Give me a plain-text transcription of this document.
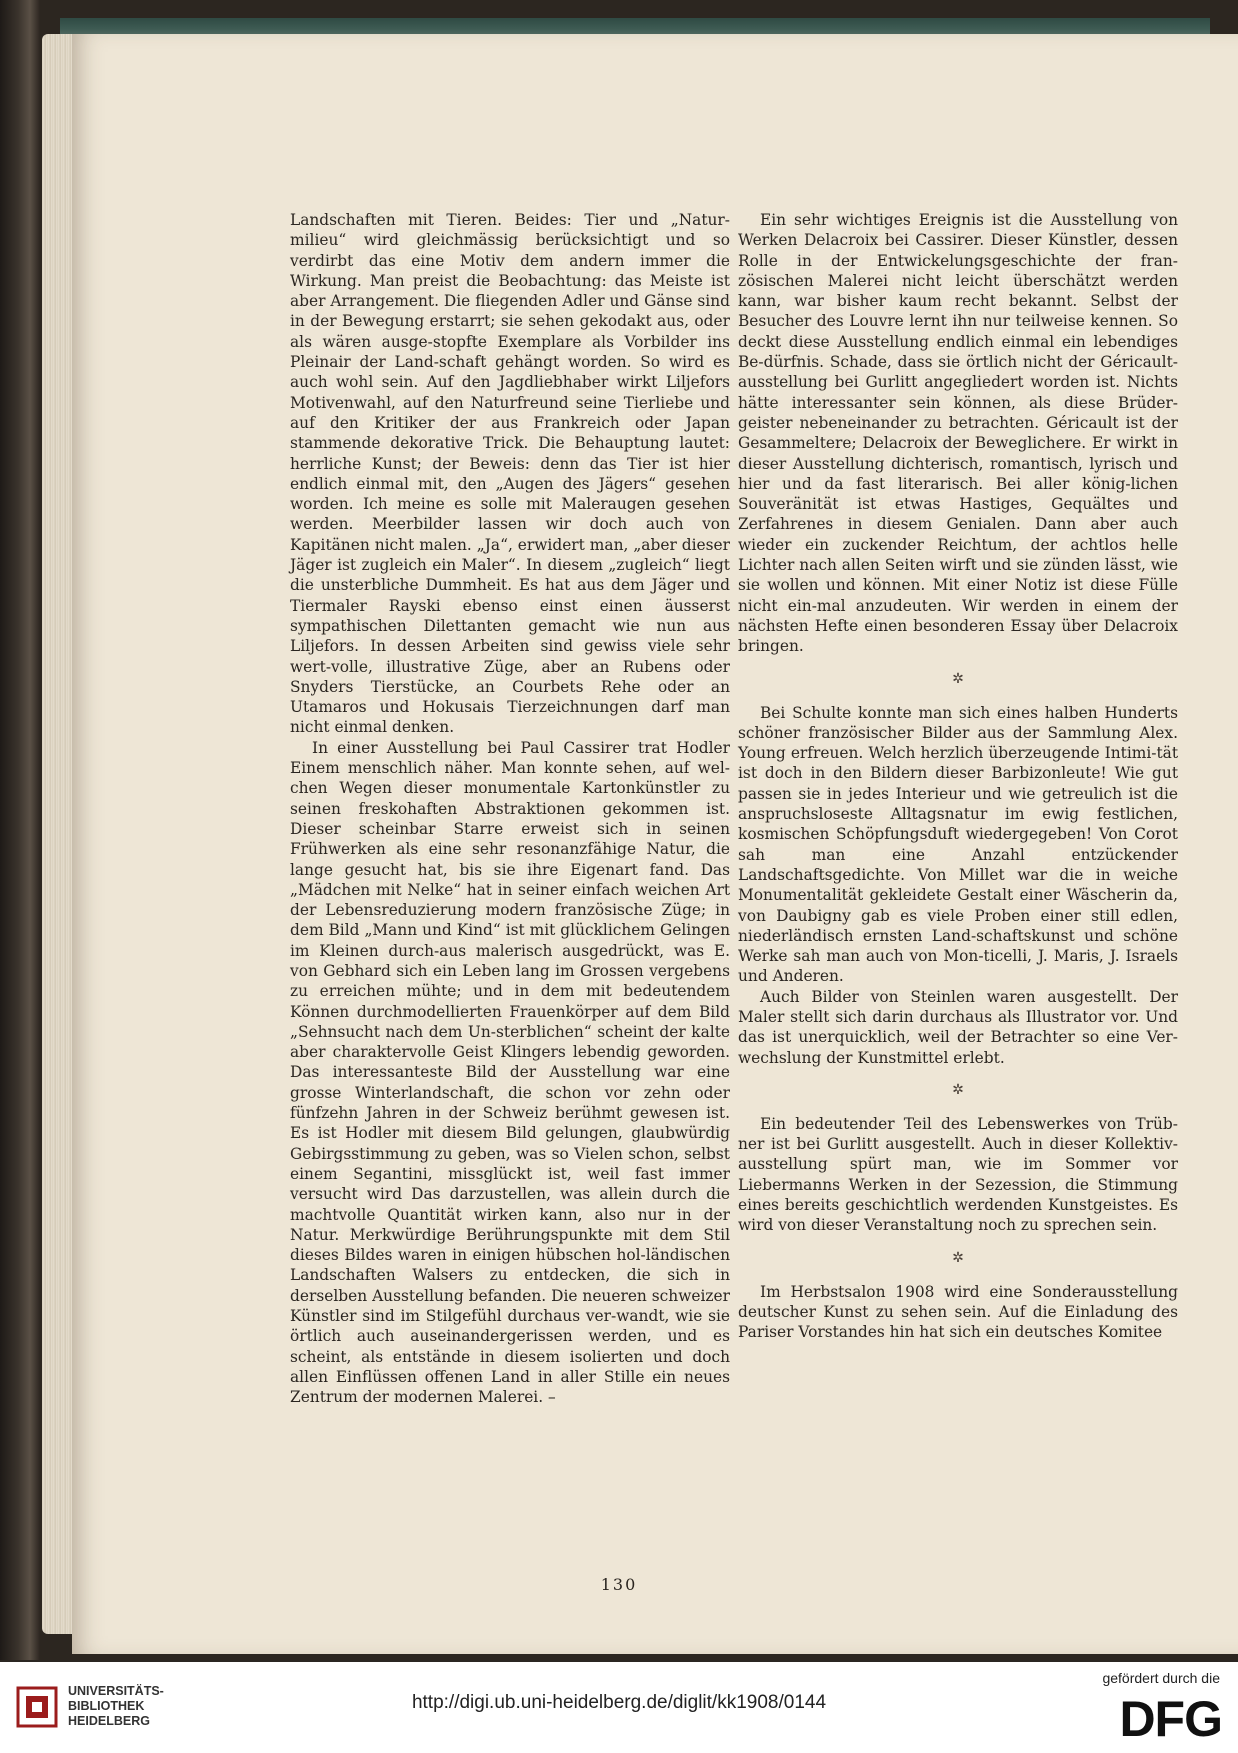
Landschaften mit Tieren. Beides: Tier und „Natur-milieu“ wird gleichmässig berücksichtigt und so verdirbt das eine Motiv dem andern immer die Wirkung. Man preist die Beobachtung: das Meiste ist aber Arrangement. Die fliegenden Adler und Gänse sind in der Bewegung erstarrt; sie sehen gekodakt aus, oder als wären ausge-stopfte Exemplare als Vorbilder ins Pleinair der Land-schaft gehängt worden. So wird es auch wohl sein. Auf den Jagdliebhaber wirkt Liljefors Motivenwahl, auf den Naturfreund seine Tierliebe und auf den Kritiker der aus Frankreich oder Japan stammende dekorative Trick. Die Behauptung lautet: herrliche Kunst; der Beweis: denn das Tier ist hier endlich einmal mit, den „Augen des Jägers“ gesehen worden. Ich meine es solle mit Maleraugen gesehen werden. Meerbilder lassen wir doch auch von Kapitänen nicht malen. „Ja“, erwidert man, „aber dieser Jäger ist zugleich ein Maler“. In diesem „zugleich“ liegt die unsterbliche Dummheit. Es hat aus dem Jäger und Tiermaler Rayski ebenso einst einen äusserst sympathischen Dilettanten gemacht wie nun aus Liljefors. In dessen Arbeiten sind gewiss viele sehr wert-volle, illustrative Züge, aber an Rubens oder Snyders Tierstücke, an Courbets Rehe oder an Utamaros und Hokusais Tierzeichnungen darf man nicht einmal denken.

In einer Ausstellung bei Paul Cassirer trat Hodler Einem menschlich näher. Man konnte sehen, auf wel-chen Wegen dieser monumentale Kartonkünstler zu seinen freskohaften Abstraktionen gekommen ist. Dieser scheinbar Starre erweist sich in seinen Frühwerken als eine sehr resonanzfähige Natur, die lange gesucht hat, bis sie ihre Eigenart fand. Das „Mädchen mit Nelke“ hat in seiner einfach weichen Art der Lebensreduzierung modern französische Züge; in dem Bild „Mann und Kind“ ist mit glücklichem Gelingen im Kleinen durch-aus malerisch ausgedrückt, was E. von Gebhard sich ein Leben lang im Grossen vergebens zu erreichen mühte; und in dem mit bedeutendem Können durchmodellierten Frauenkörper auf dem Bild „Sehnsucht nach dem Un-sterblichen“ scheint der kalte aber charaktervolle Geist Klingers lebendig geworden. Das interessanteste Bild der Ausstellung war eine grosse Winterlandschaft, die schon vor zehn oder fünfzehn Jahren in der Schweiz berühmt gewesen ist. Es ist Hodler mit diesem Bild gelungen, glaubwürdig Gebirgsstimmung zu geben, was so Vielen schon, selbst einem Segantini, missglückt ist, weil fast immer versucht wird Das darzustellen, was allein durch die machtvolle Quantität wirken kann, also nur in der Natur. Merkwürdige Berührungspunkte mit dem Stil dieses Bildes waren in einigen hübschen hol-ländischen Landschaften Walsers zu entdecken, die sich in derselben Ausstellung befanden. Die neueren schweizer Künstler sind im Stilgefühl durchaus ver-wandt, wie sie örtlich auch auseinandergerissen werden, und es scheint, als entstände in diesem isolierten und doch allen Einflüssen offenen Land in aller Stille ein neues Zentrum der modernen Malerei. –

Ein sehr wichtiges Ereignis ist die Ausstellung von Werken Delacroix bei Cassirer. Dieser Künstler, dessen Rolle in der Entwickelungsgeschichte der fran-zösischen Malerei nicht leicht überschätzt werden kann, war bisher kaum recht bekannt. Selbst der Besucher des Louvre lernt ihn nur teilweise kennen. So deckt diese Ausstellung endlich einmal ein lebendiges Be-dürfnis. Schade, dass sie örtlich nicht der Géricault-ausstellung bei Gurlitt angegliedert worden ist. Nichts hätte interessanter sein können, als diese Brüder-geister nebeneinander zu betrachten. Géricault ist der Gesammeltere; Delacroix der Beweglichere. Er wirkt in dieser Ausstellung dichterisch, romantisch, lyrisch und hier und da fast literarisch. Bei aller könig-lichen Souveränität ist etwas Hastiges, Gequältes und Zerfahrenes in diesem Genialen. Dann aber auch wieder ein zuckender Reichtum, der achtlos helle Lichter nach allen Seiten wirft und sie zünden lässt, wie sie wollen und können. Mit einer Notiz ist diese Fülle nicht ein-mal anzudeuten. Wir werden in einem der nächsten Hefte einen besonderen Essay über Delacroix bringen.

✲

Bei Schulte konnte man sich eines halben Hunderts schöner französischer Bilder aus der Sammlung Alex. Young erfreuen. Welch herzlich überzeugende Intimi-tät ist doch in den Bildern dieser Barbizonleute! Wie gut passen sie in jedes Interieur und wie getreulich ist die anspruchsloseste Alltagsnatur im ewig festlichen, kosmischen Schöpfungsduft wiedergegeben! Von Corot sah man eine Anzahl entzückender Landschaftsgedichte. Von Millet war die in weiche Monumentalität gekleidete Gestalt einer Wäscherin da, von Daubigny gab es viele Proben einer still edlen, niederländisch ernsten Land-schaftskunst und schöne Werke sah man auch von Mon-ticelli, J. Maris, J. Israels und Anderen.

Auch Bilder von Steinlen waren ausgestellt. Der Maler stellt sich darin durchaus als Illustrator vor. Und das ist unerquicklich, weil der Betrachter so eine Ver-wechslung der Kunstmittel erlebt.

✲

Ein bedeutender Teil des Lebenswerkes von Trüb-ner ist bei Gurlitt ausgestellt. Auch in dieser Kollektiv-ausstellung spürt man, wie im Sommer vor Liebermanns Werken in der Sezession, die Stimmung eines bereits geschichtlich werdenden Kunstgeistes. Es wird von dieser Veranstaltung noch zu sprechen sein.

✲

Im Herbstsalon 1908 wird eine Sonderausstellung deutscher Kunst zu sehen sein. Auf die Einladung des Pariser Vorstandes hin hat sich ein deutsches Komitee

130
UNIVERSITÄTS-
BIBLIOTHEK
HEIDELBERG
http://digi.ub.uni-heidelberg.de/diglit/kk1908/0144
gefördert durch die
DFG
